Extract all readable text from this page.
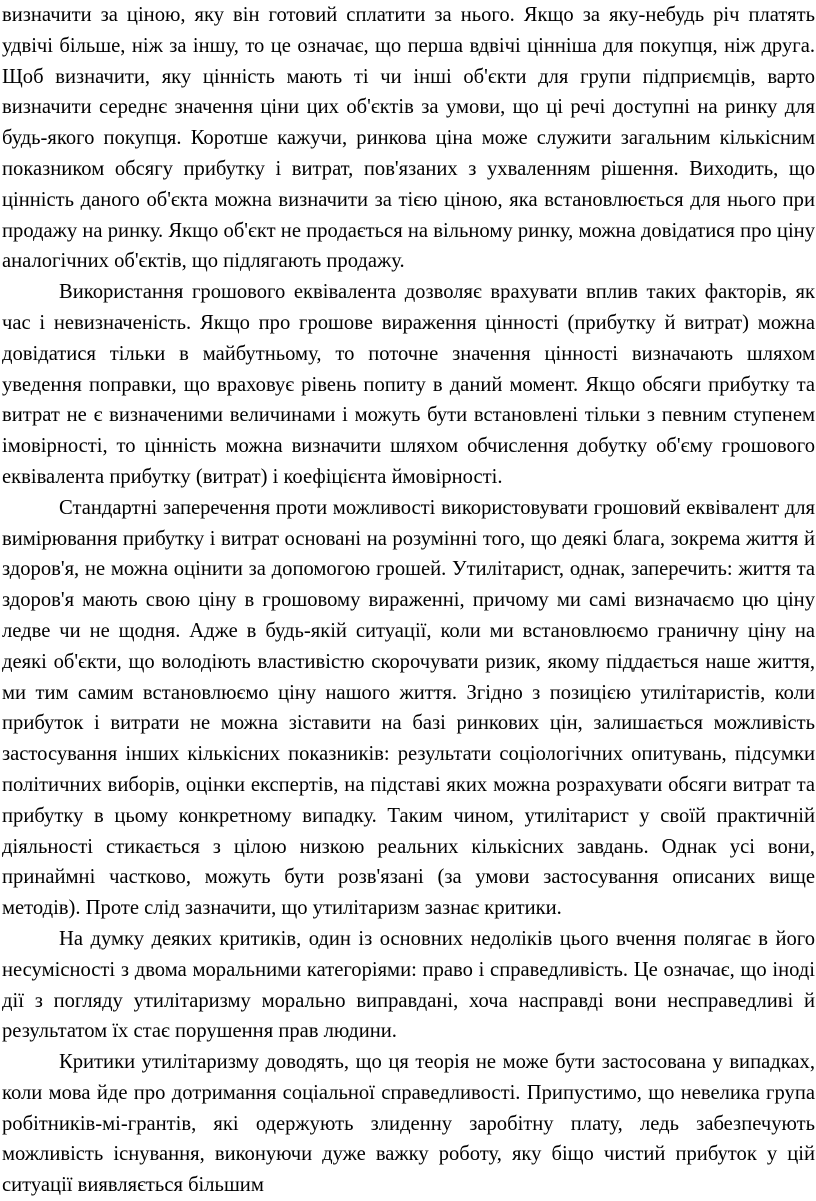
визначити за ціною, яку він готовий сплатити за нього. Якщо за яку-небудь річ платять удвічі більше, ніж за іншу, то це означає, що перша вдвічі цінніша для покупця, ніж друга. Щоб визначити, яку цінність мають ті чи інші об'єкти для групи підприємців, варто визначити середнє значення ціни цих об'єктів за умови, що ці речі доступні на ринку для будь-якого покупця. Коротше кажучи, ринкова ціна може служити загальним кількісним показником обсягу прибутку і витрат, пов'язаних з ухваленням рішення. Виходить, що цінність даного об'єкта можна визначити за тією ціною, яка встановлюється для нього при продажу на ринку. Якщо об'єкт не продається на вільному ринку, можна довідатися про ціну аналогічних об'єктів, що підлягають продажу.

Використання грошового еквівалента дозволяє врахувати вплив таких факторів, як час і невизначеність. Якщо про грошове вираження цінності (прибутку й витрат) можна довідатися тільки в майбутньому, то поточне значення цінності визначають шляхом уведення поправки, що враховує рівень попиту в даний момент. Якщо обсяги прибутку та витрат не є визначеними величинами і можуть бути встановлені тільки з певним ступенем імовірності, то цінність можна визначити шляхом обчислення добутку об'єму грошового еквівалента прибутку (витрат) і коефіцієнта ймовірності.

Стандартні заперечення проти можливості використовувати грошовий еквівалент для вимірювання прибутку і витрат основані на розумінні того, що деякі блага, зокрема життя й здоров'я, не можна оцінити за допомогою грошей. Утилітарист, однак, заперечить: життя та здоров'я мають свою ціну в грошовому вираженні, причому ми самі визначаємо цю ціну ледве чи не щодня. Адже в будь-якій ситуації, коли ми встановлюємо граничну ціну на деякі об'єкти, що володіють властивістю скорочувати ризик, якому піддається наше життя, ми тим самим встановлюємо ціну нашого життя. Згідно з позицією утилітаристів, коли прибуток і витрати не можна зіставити на базі ринкових цін, залишається можливість застосування інших кількісних показників: результати соціологічних опитувань, підсумки політичних виборів, оцінки експертів, на підставі яких можна розрахувати обсяги витрат та прибутку в цьому конкретному випадку. Таким чином, утилітарист у своїй практичній діяльності стикається з цілою низкою реальних кількісних завдань. Однак усі вони, принаймні частково, можуть бути розв'язані (за умови застосування описаних вище методів). Проте слід зазначити, що утилітаризм зазнає критики.

На думку деяких критиків, один із основних недоліків цього вчення полягає в його несумісності з двома моральними категоріями: право і справедливість. Це означає, що іноді дії з погляду утилітаризму морально виправдані, хоча насправді вони несправедливі й результатом їх стає порушення прав людини.

Критики утилітаризму доводять, що ця теорія не може бути застосована у випадках, коли мова йде про дотримання соціальної справедливості. Припустимо, що невелика група робітників-мі-грантів, які одержують злиденну заробітну плату, ледь забезпечують можливість існування, виконуючи дуже важку роботу, яку біщо чистий прибуток у цій ситуації виявляється більшим
